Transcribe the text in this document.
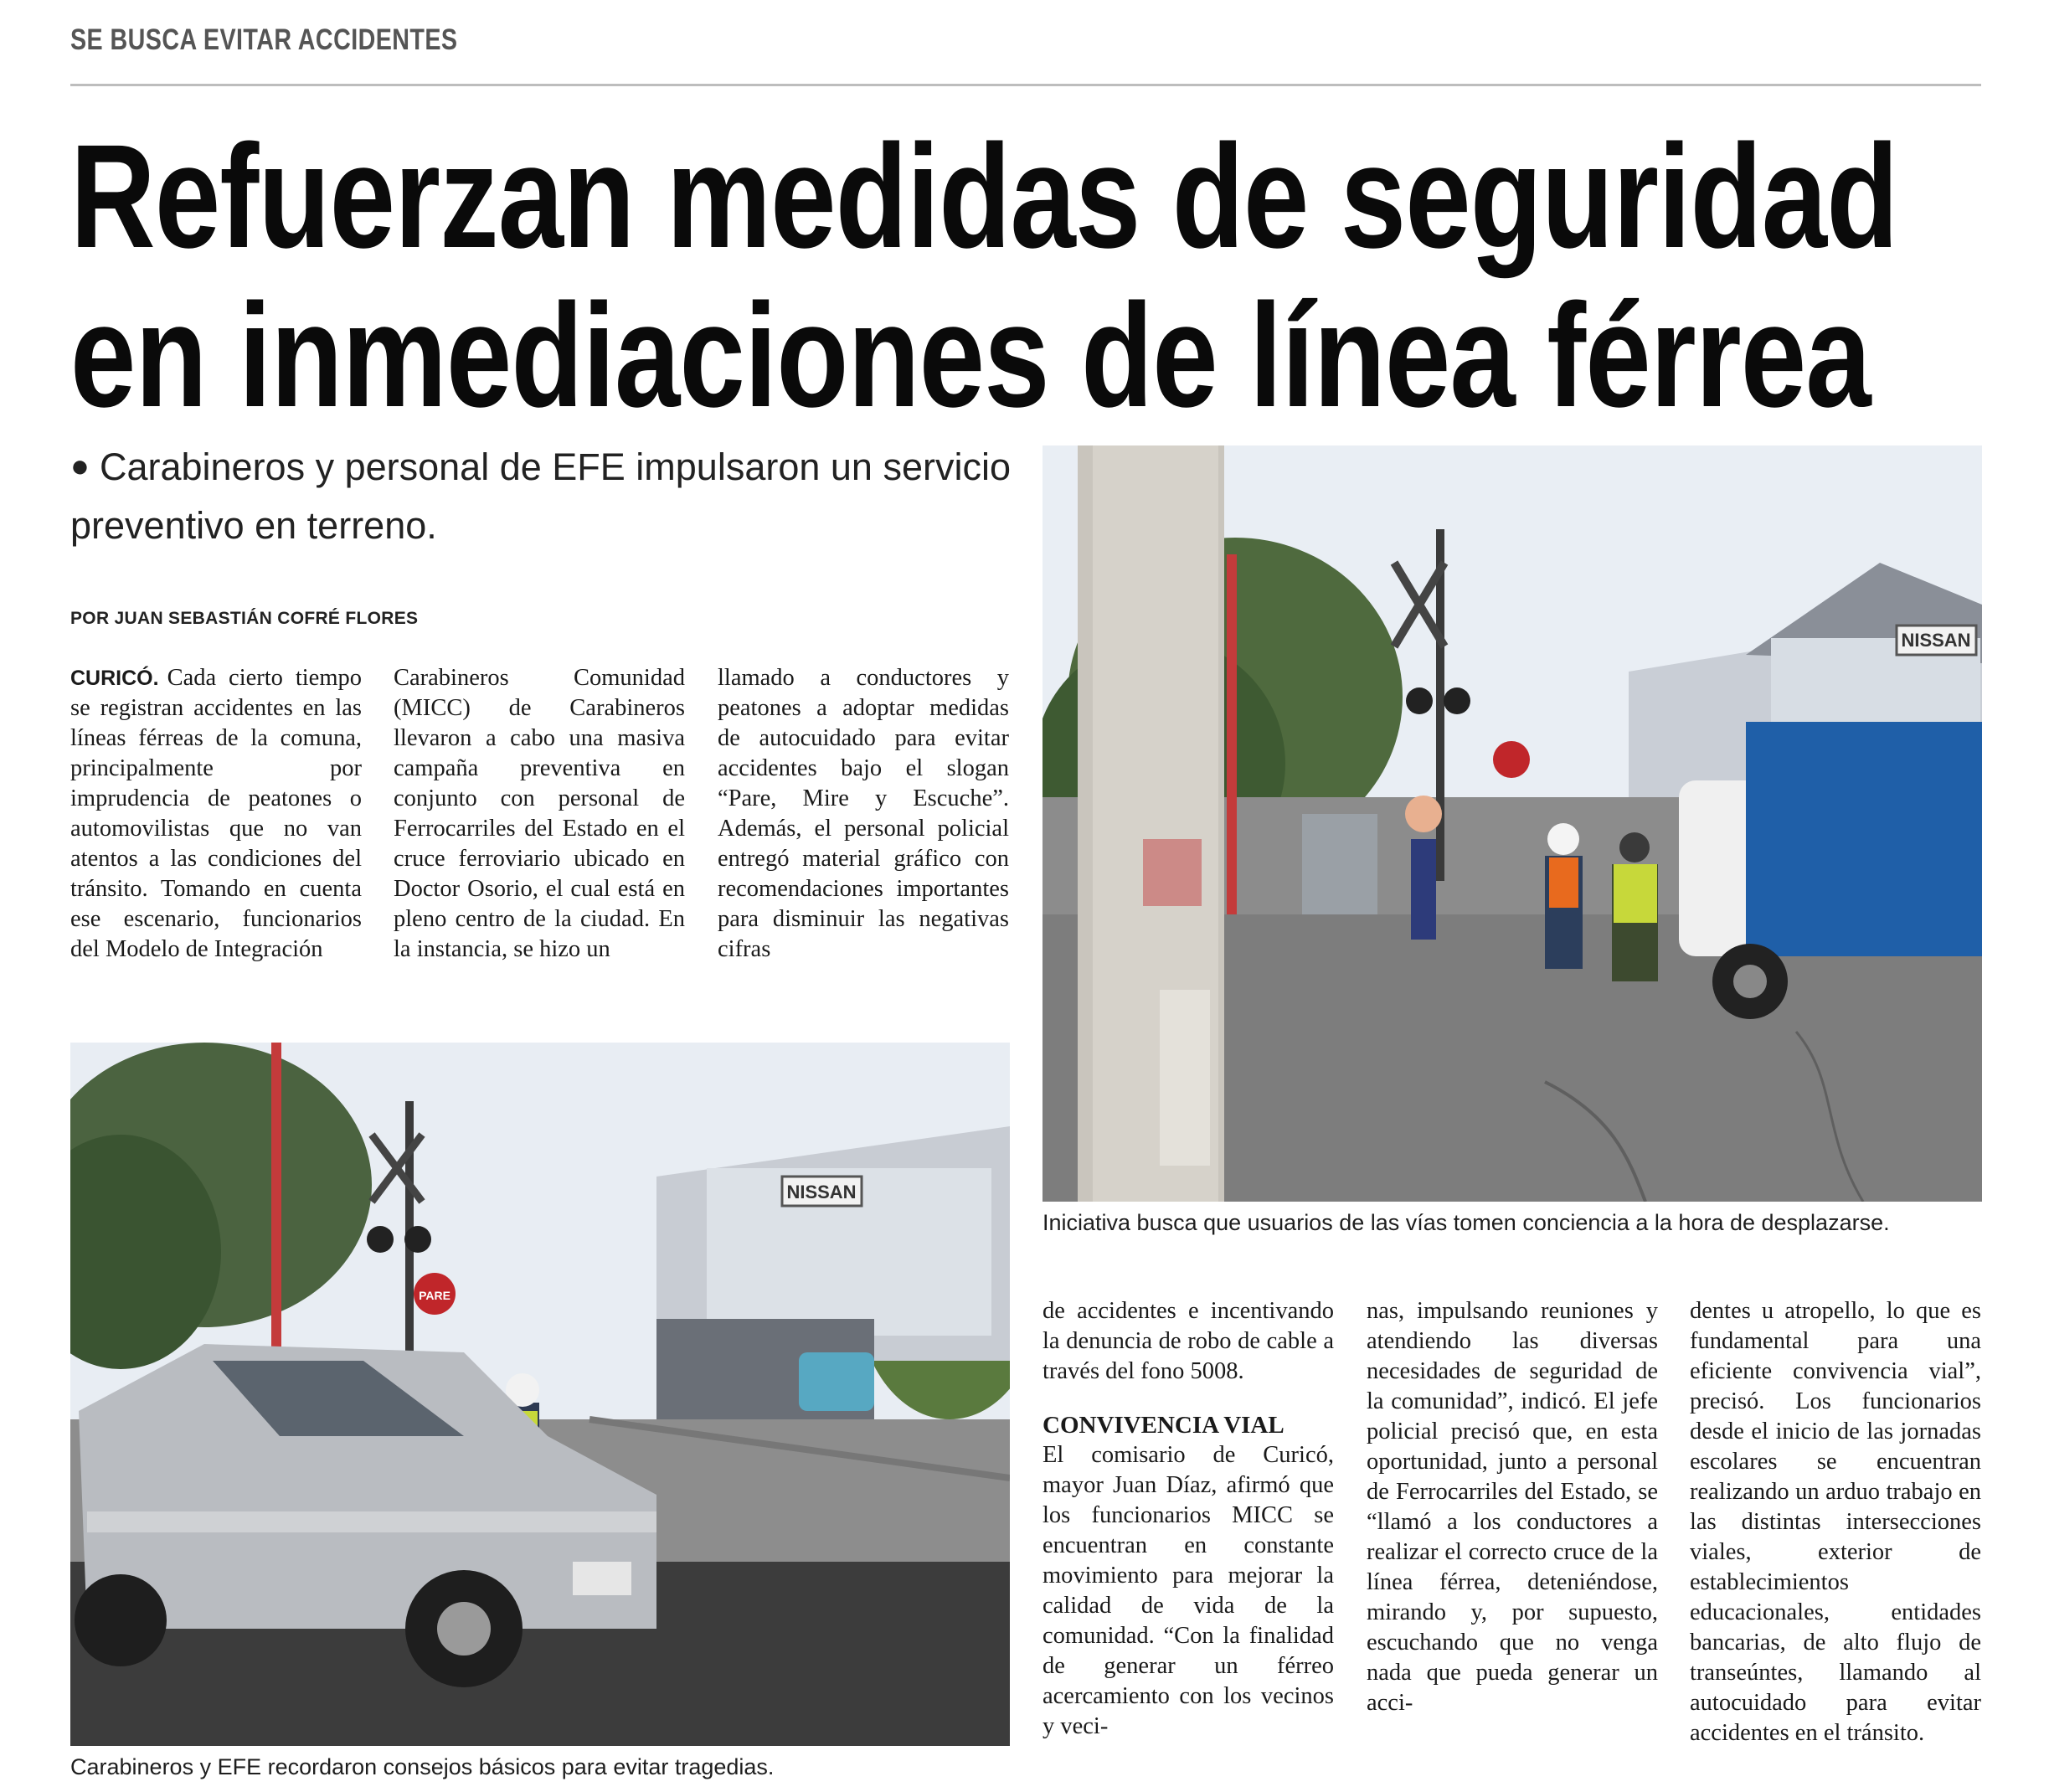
SE BUSCA EVITAR ACCIDENTES
Refuerzan medidas de seguridad
en inmediaciones de línea férrea
● Carabineros y personal de EFE impulsaron un servicio preventivo en terreno.
POR JUAN SEBASTIÁN COFRÉ FLORES

CURICÓ. Cada cierto tiempo se registran accidentes en las líneas férreas de la comuna, principalmente por imprudencia de peatones o automovilistas que no van atentos a las condiciones del tránsito. Tomando en cuenta ese escenario, funcionarios del Modelo de Integración

Carabineros Comunidad (MICC) de Carabineros llevaron a cabo una masiva campaña preventiva en conjunto con personal de Ferrocarriles del Estado en el cruce ferroviario ubicado en Doctor Osorio, el cual está en pleno centro de la ciudad. En la instancia, se hizo un

llamado a conductores y peatones a adoptar medidas de autocuidado para evitar accidentes bajo el slogan “Pare, Mire y Escuche”. Además, el personal policial entregó material gráfico con recomendaciones importantes para disminuir las negativas cifras

de accidentes e incentivando la denuncia de robo de cable a través del fono 5008.

CONVIVENCIA VIAL

El comisario de Curicó, mayor Juan Díaz, afirmó que los funcionarios MICC se encuentran en constante movimiento para mejorar la calidad de vida de la comunidad. “Con la finalidad de generar un férreo acercamiento con los vecinos y veci-

nas, impulsando reuniones y atendiendo las diversas necesidades de seguridad de la comunidad”, indicó. El jefe policial precisó que, en esta oportunidad, junto a personal de Ferrocarriles del Estado, se “llamó a los conductores a realizar el correcto cruce de la línea férrea, deteniéndose, mirando y, por supuesto, escuchando que no venga nada que pueda generar un acci-

dentes u atropello, lo que es fundamental para una eficiente convivencia vial”, precisó. Los funcionarios desde el inicio de las jornadas escolares se encuentran realizando un arduo trabajo en las distintas intersecciones viales, exterior de establecimientos educacionales, entidades bancarias, de alto flujo de transeúntes, llamando al autocuidado para evitar accidentes en el tránsito.

NISSAN
Iniciativa busca que usuarios de las vías tomen conciencia a la hora de desplazarse.
NISSAN
PARE
Carabineros y EFE recordaron consejos básicos para evitar tragedias.
